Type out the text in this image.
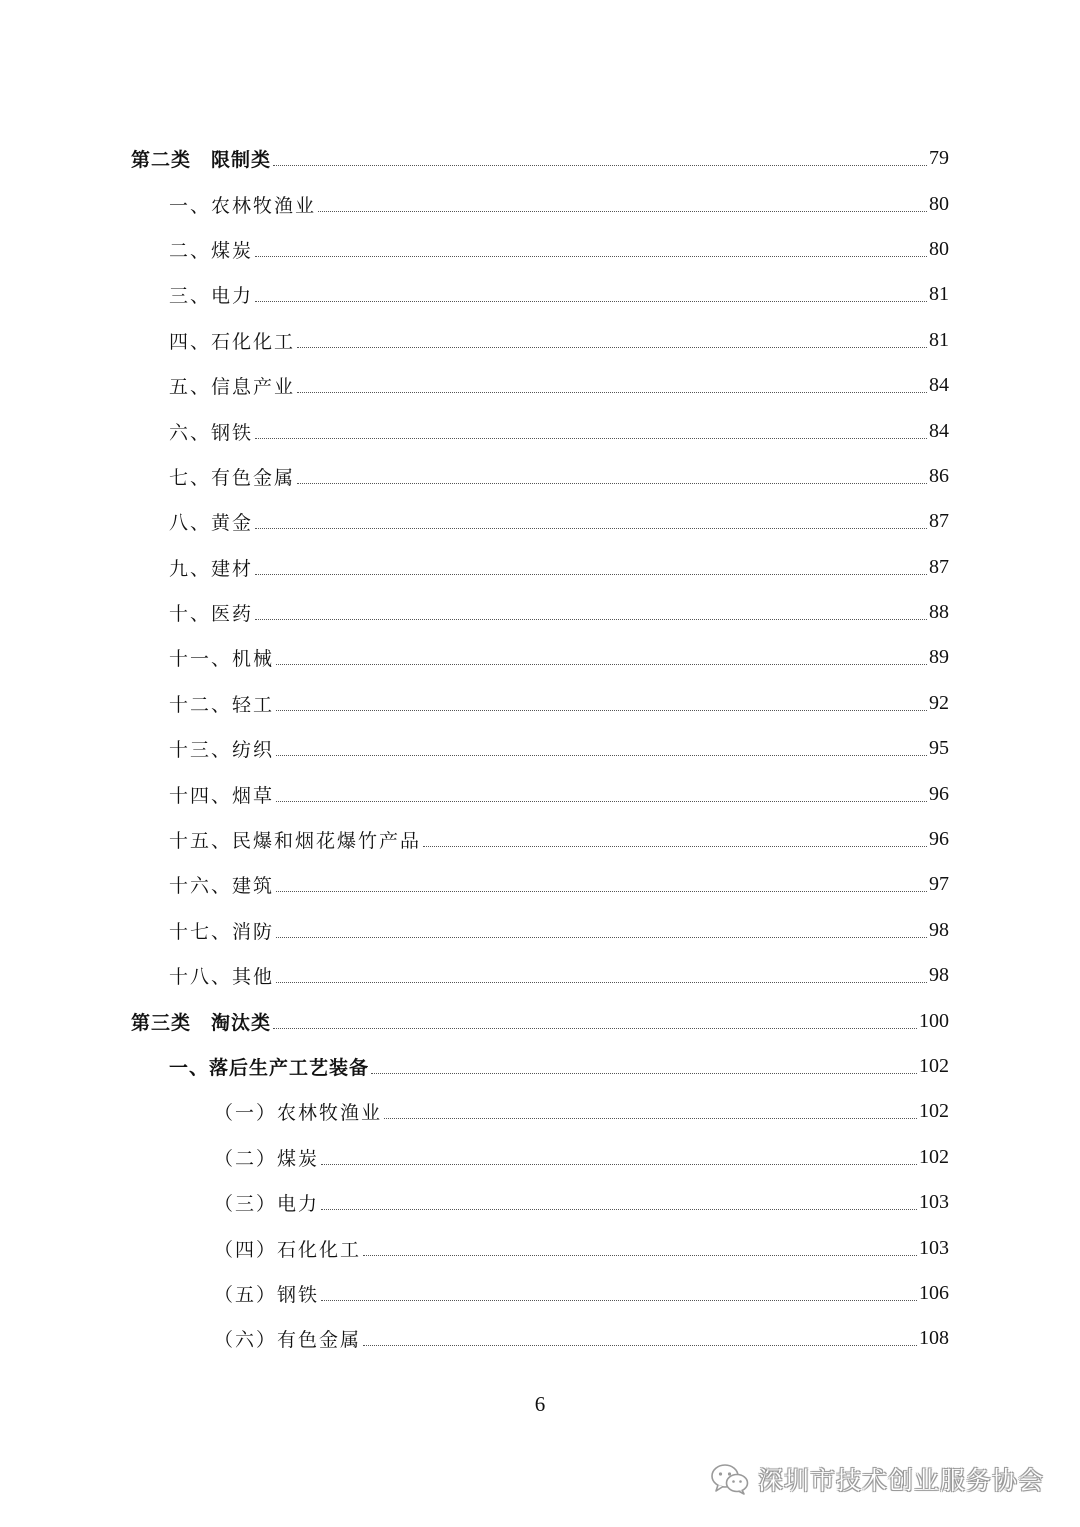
第二类　限制类	79
一、农林牧渔业	80
二、煤炭	80
三、电力	81
四、石化化工	81
五、信息产业	84
六、钢铁	84
七、有色金属	86
八、黄金	87
九、建材	87
十、医药	88
十一、机械	89
十二、轻工	92
十三、纺织	95
十四、烟草	96
十五、民爆和烟花爆竹产品	96
十六、建筑	97
十七、消防	98
十八、其他	98
第三类　淘汰类	100
一、落后生产工艺装备	102
（一）农林牧渔业	102
（二）煤炭	102
（三）电力	103
（四）石化化工	103
（五）钢铁	106
（六）有色金属	108
6
深圳市技术创业服务协会
